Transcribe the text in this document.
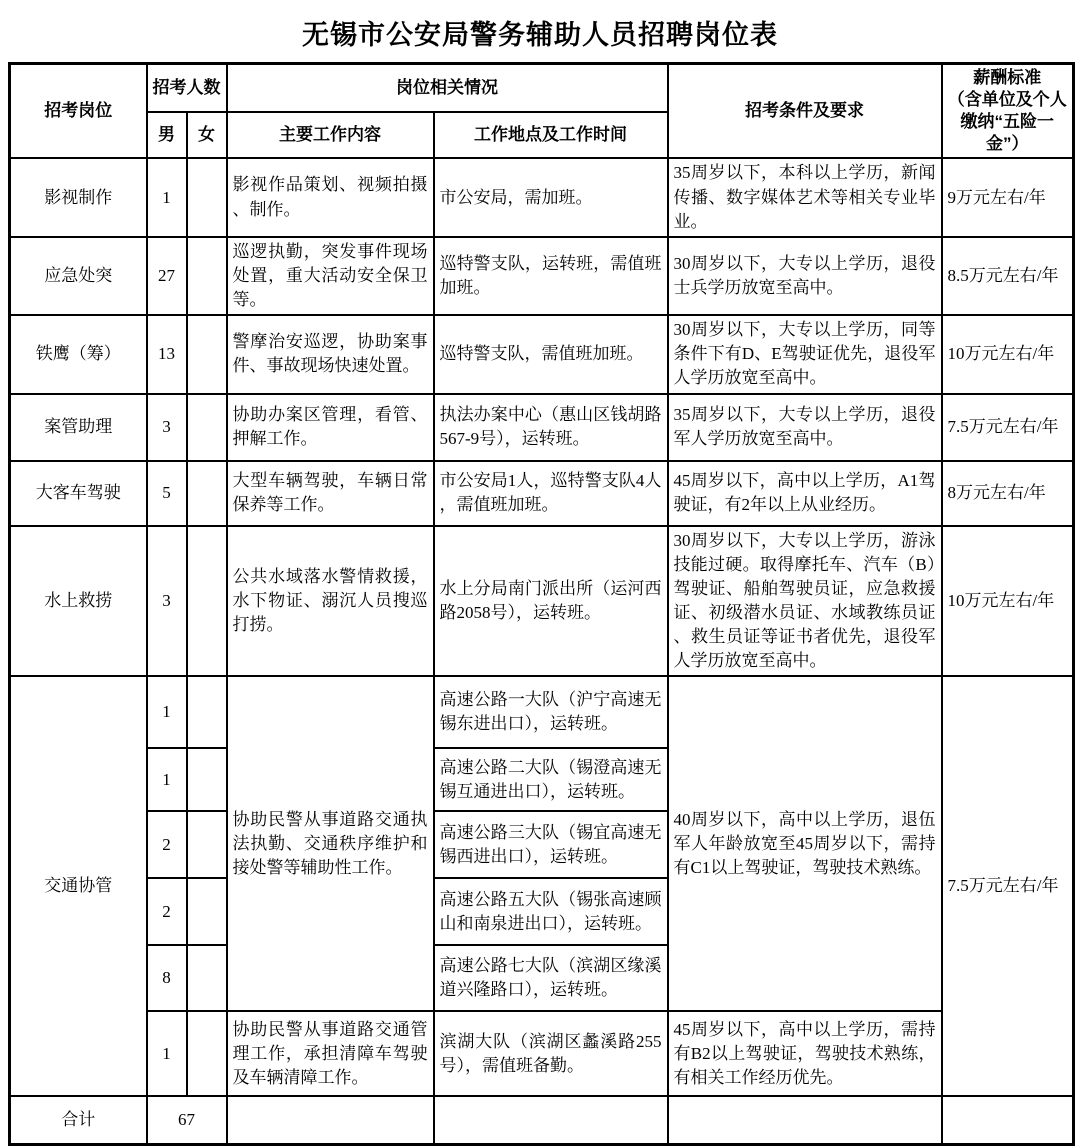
无锡市公安局警务辅助人员招聘岗位表
招考岗位	招考人数		岗位相关情况		招考条件及要求	薪酬标准
（含单位及个人缴纳“五险一金”）
	男	女	主要工作内容	工作地点及工作时间		
影视制作	1		影视作品策划、视频拍摄、制作。	市公安局，需加班。	35周岁以下，本科以上学历，新闻传播、数字媒体艺术等相关专业毕业。	9万元左右/年
应急处突	27		巡逻执勤，突发事件现场处置，重大活动安全保卫等。	巡特警支队，运转班，需值班加班。	30周岁以下，大专以上学历，退役士兵学历放宽至高中。	8.5万元左右/年
铁鹰（筹）	13		警摩治安巡逻，协助案事件、事故现场快速处置。	巡特警支队，需值班加班。	30周岁以下，大专以上学历，同等条件下有D、E驾驶证优先，退役军人学历放宽至高中。	10万元左右/年
案管助理	3		协助办案区管理，看管、押解工作。	执法办案中心（惠山区钱胡路567-9号），运转班。	35周岁以下，大专以上学历，退役军人学历放宽至高中。	7.5万元左右/年
大客车驾驶	5		大型车辆驾驶，车辆日常保养等工作。	市公安局1人，巡特警支队4人，需值班加班。	45周岁以下，高中以上学历，A1驾驶证，有2年以上从业经历。	8万元左右/年
水上救捞	3		公共水域落水警情救援，水下物证、溺沉人员搜巡打捞。	水上分局南门派出所（运河西路2058号），运转班。	30周岁以下，大专以上学历，游泳技能过硬。取得摩托车、汽车（B）驾驶证、船舶驾驶员证，应急救援证、初级潜水员证、水域教练员证、救生员证等证书者优先，退役军人学历放宽至高中。	10万元左右/年
交通协管	1		协助民警从事道路交通执法执勤、交通秩序维护和接处警等辅助性工作。	高速公路一大队（沪宁高速无锡东进出口），运转班。	40周岁以下，高中以上学历，退伍军人年龄放宽至45周岁以下，需持有C1以上驾驶证，驾驶技术熟练。	7.5万元左右/年
	1			高速公路二大队（锡澄高速无锡互通进出口），运转班。		
	2			高速公路三大队（锡宜高速无锡西进出口），运转班。		
	2			高速公路五大队（锡张高速顾山和南泉进出口），运转班。		
	8			高速公路七大队（滨湖区缘溪道兴隆路口），运转班。		
	1		协助民警从事道路交通管理工作，承担清障车驾驶及车辆清障工作。	滨湖大队（滨湖区蠡溪路255号），需值班备勤。	45周岁以下，高中以上学历，需持有B2以上驾驶证，驾驶技术熟练，有相关工作经历优先。	
合计	67					
